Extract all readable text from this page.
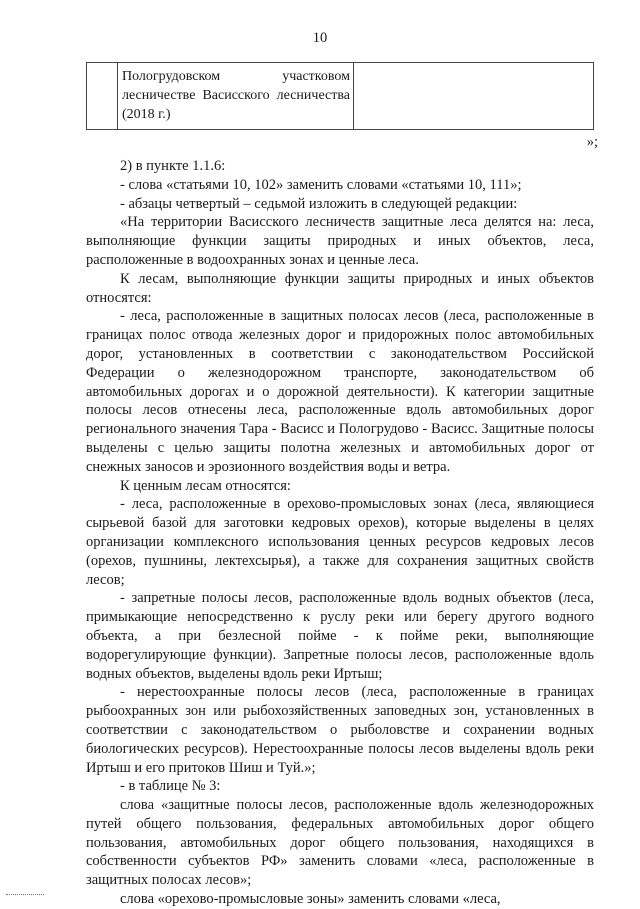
10
Пологрудовском участковом лесничестве Васисского лесничества (2018 г.)
»;

2) в пункте 1.1.6:

- слова «статьями 10, 102» заменить словами «статьями 10, 111»;

- абзацы четвертый – седьмой изложить в следующей редакции:

«На территории Васисского лесничеств защитные леса делятся на: леса, выполняющие функции защиты природных и иных объектов, леса, расположенные в водоохранных зонах и ценные леса.

К лесам, выполняющие функции защиты природных и иных объектов относятся:

- леса, расположенные в защитных полосах лесов (леса, расположенные в границах полос отвода железных дорог и придорожных полос автомобильных дорог, установленных в соответствии с законодательством Российской Федерации о железнодорожном транспорте, законодательством об автомобильных дорогах и о дорожной деятельности). К категории защитные полосы лесов отнесены леса, расположенные вдоль автомобильных дорог регионального значения Тара - Васисс и Пологрудово - Васисс. Защитные полосы выделены с целью защиты полотна железных и автомобильных дорог от снежных заносов и эрозионного воздействия воды и ветра.

К ценным лесам относятся:

- леса, расположенные в орехово-промысловых зонах (леса, являющиеся сырьевой базой для заготовки кедровых орехов), которые выделены в целях организации комплексного использования ценных ресурсов кедровых лесов (орехов, пушнины, лектехсырья), а также для сохранения защитных свойств лесов;

- запретные полосы лесов, расположенные вдоль водных объектов (леса, примыкающие непосредственно к руслу реки или берегу другого водного объекта, а при безлесной пойме - к пойме реки, выполняющие водорегулирующие функции). Запретные полосы лесов, расположенные вдоль водных объектов, выделены вдоль реки Иртыш;

- нерестоохранные полосы лесов (леса, расположенные в границах рыбоохранных зон или рыбохозяйственных заповедных зон, установленных в соответствии с законодательством о рыболовстве и сохранении водных биологических ресурсов). Нерестоохранные полосы лесов выделены вдоль реки Иртыш и его притоков Шиш и Туй.»;

- в таблице № 3:

слова «защитные полосы лесов, расположенные вдоль железнодорожных путей общего пользования, федеральных автомобильных дорог общего пользования, автомобильных дорог общего пользования, находящихся в собственности субъектов РФ» заменить словами «леса, расположенные в защитных полосах лесов»;

слова «орехово-промысловые зоны» заменить словами «леса,
